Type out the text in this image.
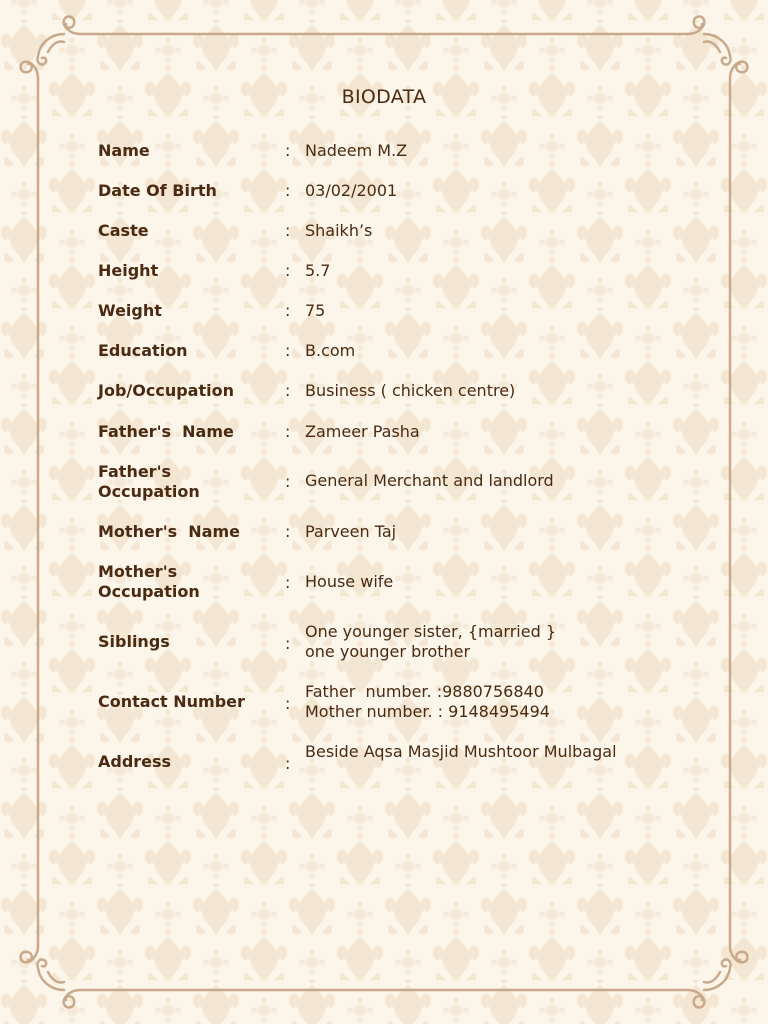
BIODATA
Name	: Nadeem M.Z
Date Of Birth	: 03/02/2001
Caste	: Shaikh’s
Height	: 5.7
Weight	: 75
Education	: B.com
Job/Occupation	: Business ( chicken centre)
Father's  Name	: Zameer Pasha
Father's
Occupation
: General Merchant and landlord
Mother's  Name	: Parveen Taj
Mother's
Occupation	: House wife
Siblings	:
One younger sister, {married }
one younger brother
Contact Number	:
Father  number. :9880756840
Mother number. : 9148495494
Address	:
Beside Aqsa Masjid Mushtoor Mulbagal
